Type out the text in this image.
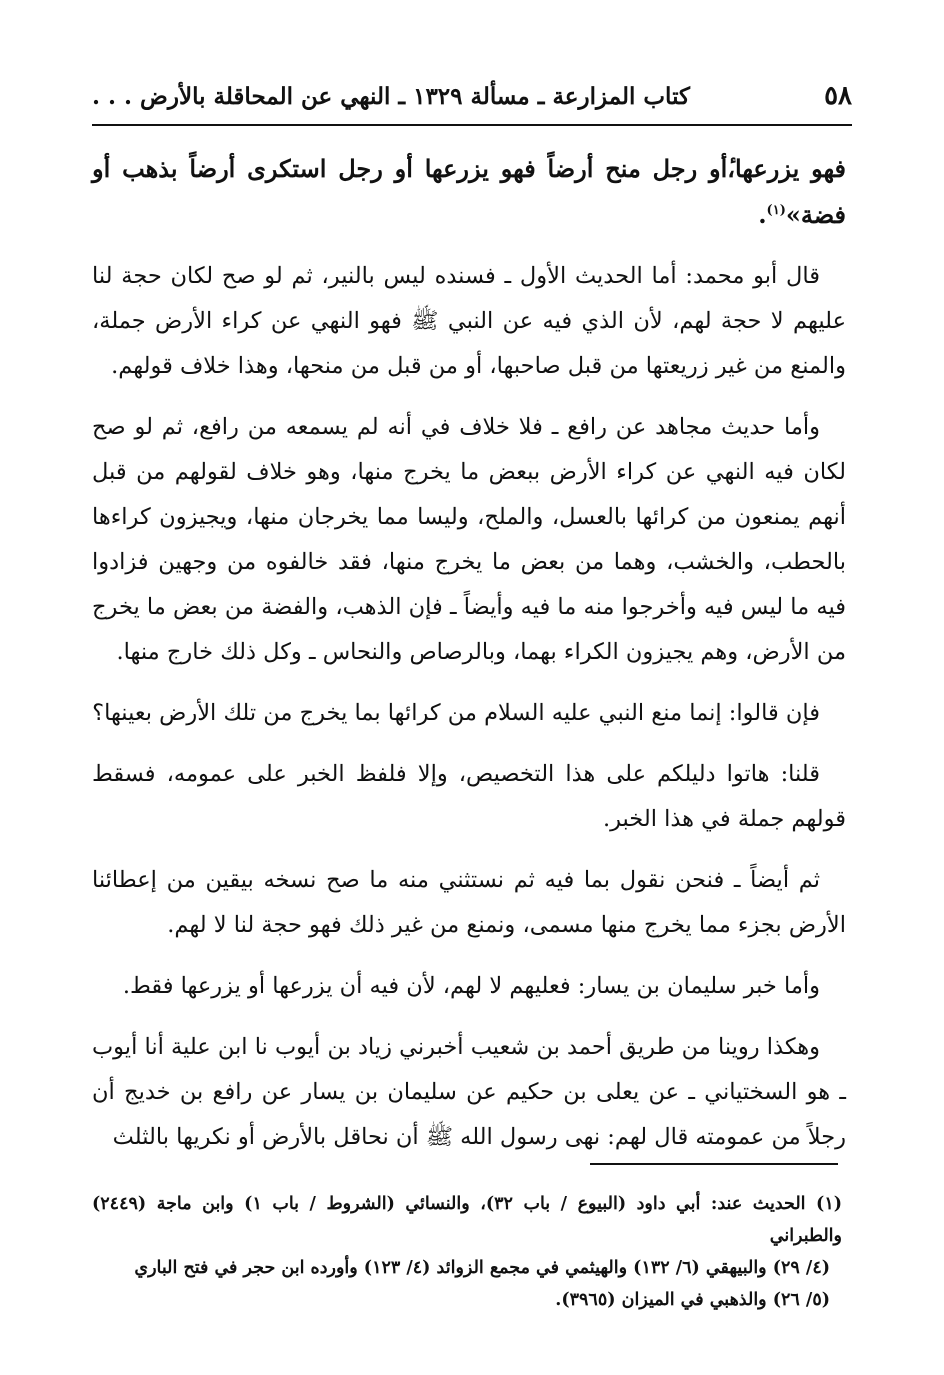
٥٨
كتاب المزارعة ـ مسألة ١٣٢٩ ـ النهي عن المحاقلة بالأرض . . .

فهو يزرعها،ٔأو رجل منح أرضاً فهو يزرعها أو رجل استكرى أرضاً بذهب أو فضة»$^{(١)}$.

قال أبو محمد: أما الحديث الأول ـ فسنده ليس بالنير، ثم لو صح لكان حجة لنا عليهم لا حجة لهم، لأن الذي فيه عن النبي ﷺ فهو النهي عن كراء الأرض جملة، والمنع من غير زريعتها من قبل صاحبها، أو من قبل من منحها، وهذا خلاف قولهم.

وأما حديث مجاهد عن رافع ـ فلا خلاف في أنه لم يسمعه من رافع، ثم لو صح لكان فيه النهي عن كراء الأرض ببعض ما يخرج منها، وهو خلاف لقولهم من قبل أنهم يمنعون من كرائها بالعسل، والملح، وليسا مما يخرجان منها، ويجيزون كراءها بالحطب، والخشب، وهما من بعض ما يخرج منها، فقد خالفوه من وجهين فزادوا فيه ما ليس فيه وأخرجوا منه ما فيه وأيضاً ـ فإن الذهب، والفضة من بعض ما يخرج من الأرض، وهم يجيزون الكراء بهما، وبالرصاص والنحاس ـ وكل ذلك خارج منها.

فإن قالوا: إنما منع النبي عليه السلام من كرائها بما يخرج من تلك الأرض بعينها؟

قلنا: هاتوا دليلكم على هذا التخصيص، وإلا فلفظ الخبر على عمومه، فسقط قولهم جملة في هذا الخبر.

ثم أيضاً ـ فنحن نقول بما فيه ثم نستثني منه ما صح نسخه بيقين من إعطائنا الأرض بجزء مما يخرج منها مسمى، ونمنع من غير ذلك فهو حجة لنا لا لهم.

وأما خبر سليمان بن يسار: فعليهم لا لهم، لأن فيه أن يزرعها أو يزرعها فقط.

وهكذا روينا من طريق أحمد بن شعيب أخبرني زياد بن أيوب نا ابن علية أنا أيوب ـ هو السختياني ـ عن يعلى بن حكيم عن سليمان بن يسار عن رافع بن خديج أن رجلاً من عمومته قال لهم: نهى رسول الله ﷺ أن نحاقل بالأرض أو نكريها بالثلث

(١) الحديث عند: أبي داود (البيوع / باب ٣٢)، والنسائي (الشروط / باب ١) وابن ماجة (٢٤٤٩) والطبراني

(٤/ ٢٩) والبيهقي (٦/ ١٣٢) والهيثمي في مجمع الزوائد (٤/ ١٢٣) وأورده ابن حجر في فتح الباري

(٥/ ٢٦) والذهبي في الميزان (٣٩٦٥).
